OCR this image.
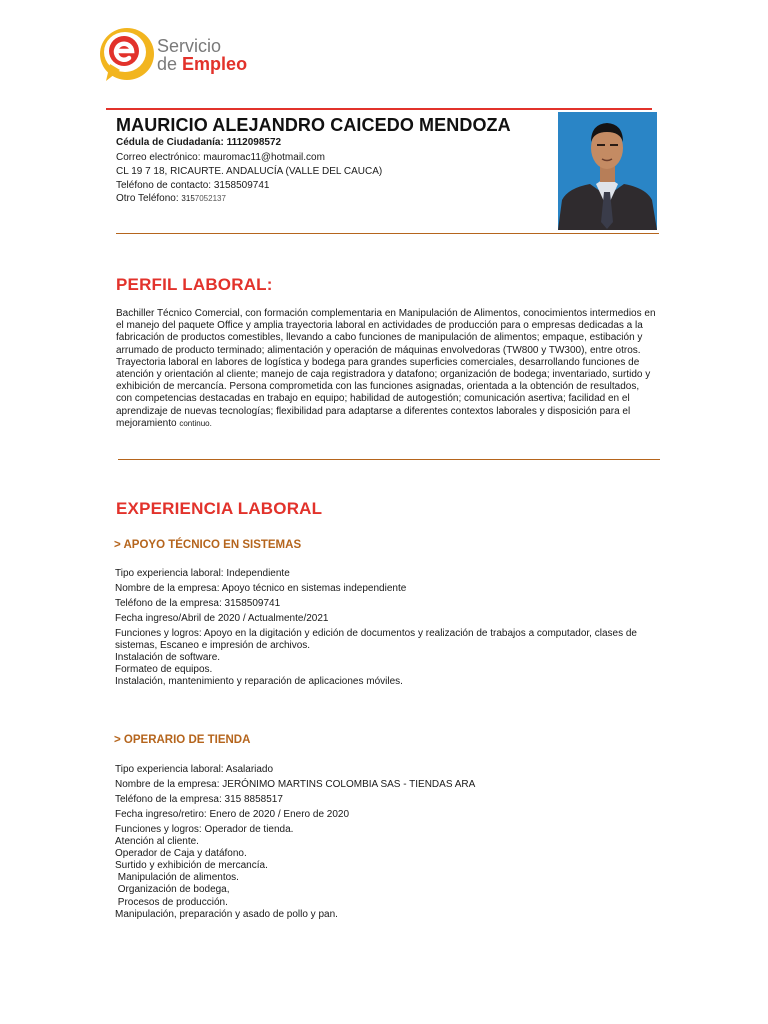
Servicio
de Empleo
MAURICIO ALEJANDRO CAICEDO MENDOZA
Cédula de Ciudadanía: 1112098572
Correo electrónico: mauromac11@hotmail.com
CL 19 7 18, RICAURTE. ANDALUCÍA (VALLE DEL CAUCA)
Teléfono de contacto: 3158509741
Otro Teléfono: 3157052137
PERFIL LABORAL:
Bachiller Técnico Comercial, con formación complementaria en Manipulación de Alimentos, conocimientos intermedios en el manejo del paquete Office y amplia trayectoria laboral en actividades de producción para o empresas dedicadas a la fabricación de productos comestibles, llevando a cabo funciones de manipulación de alimentos; empaque, estibación y arrumado de producto terminado; alimentación y operación de máquinas envolvedoras (TW800 y TW300), entre otros. Trayectoria laboral en labores de logística y bodega para grandes superficies comerciales, desarrollando funciones de atención y orientación al cliente; manejo de caja registradora y datafono; organización de bodega; inventariado, surtido y exhibición de mercancía. Persona comprometida con las funciones asignadas, orientada a la obtención de resultados, con competencias destacadas en trabajo en equipo; habilidad de autogestión; comunicación asertiva; facilidad en el aprendizaje de nuevas tecnologías; flexibilidad para adaptarse a diferentes contextos laborales y disposición para el mejoramiento continuo.
EXPERIENCIA LABORAL
> APOYO TÉCNICO EN SISTEMAS
Tipo experiencia laboral: Independiente
Nombre de la empresa: Apoyo técnico en sistemas independiente
Teléfono de la empresa: 3158509741
Fecha ingreso/Abril de 2020 / Actualmente/2021
Funciones y logros: Apoyo en la digitación y edición de documentos y realización de trabajos a computador, clases de sistemas, Escaneo e impresión de archivos.
Instalación de software.
Formateo de equipos.
Instalación, mantenimiento y reparación de aplicaciones móviles.
> OPERARIO DE TIENDA
Tipo experiencia laboral: Asalariado
Nombre de la empresa: JERÓNIMO MARTINS COLOMBIA SAS - TIENDAS ARA
Teléfono de la empresa: 315 8858517
Fecha ingreso/retiro: Enero de 2020 / Enero de 2020
Funciones y logros: Operador de tienda.
Atención al cliente.
Operador de Caja y datáfono.
Surtido y exhibición de mercancía.
Manipulación de alimentos.
Organización de bodega,
Procesos de producción.
Manipulación, preparación y asado de pollo y pan.
